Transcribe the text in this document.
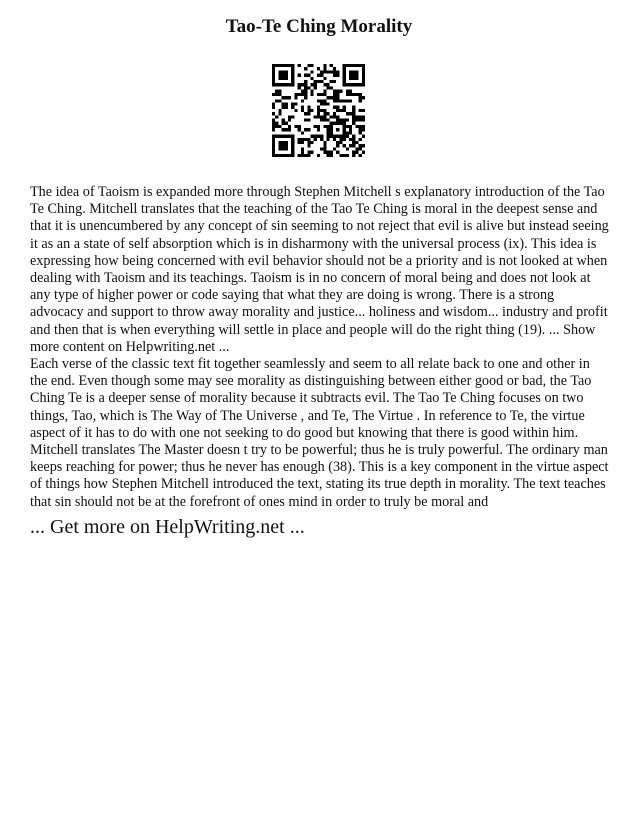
Tao-Te Ching Morality

The idea of Taoism is expanded more through Stephen Mitchell s explanatory introduction of the Tao Te Ching. Mitchell translates that the teaching of the Tao Te Ching is moral in the deepest sense and that it is unencumbered by any concept of sin seeming to not reject that evil is alive but instead seeing it as an a state of self absorption which is in disharmony with the universal process (ix). This idea is expressing how being concerned with evil behavior should not be a priority and is not looked at when dealing with Taoism and its teachings. Taoism is in no concern of moral being and does not look at any type of higher power or code saying that what they are doing is wrong. There is a strong advocacy and support to throw away morality and justice... holiness and wisdom... industry and profit and then that is when everything will settle in place and people will do the right thing (19). ... Show more content on Helpwriting.net ...

Each verse of the classic text fit together seamlessly and seem to all relate back to one and other in the end. Even though some may see morality as distinguishing between either good or bad, the Tao Ching Te is a deeper sense of morality because it subtracts evil. The Tao Te Ching focuses on two things, Tao, which is The Way of The Universe , and Te, The Virtue . In reference to Te, the virtue aspect of it has to do with one not seeking to do good but knowing that there is good within him. Mitchell translates The Master doesn t try to be powerful; thus he is truly powerful. The ordinary man keeps reaching for power; thus he never has enough (38). This is a key component in the virtue aspect of things how Stephen Mitchell introduced the text, stating its true depth in morality. The text teaches that sin should not be at the forefront of ones mind in order to truly be moral and

... Get more on HelpWriting.net ...
